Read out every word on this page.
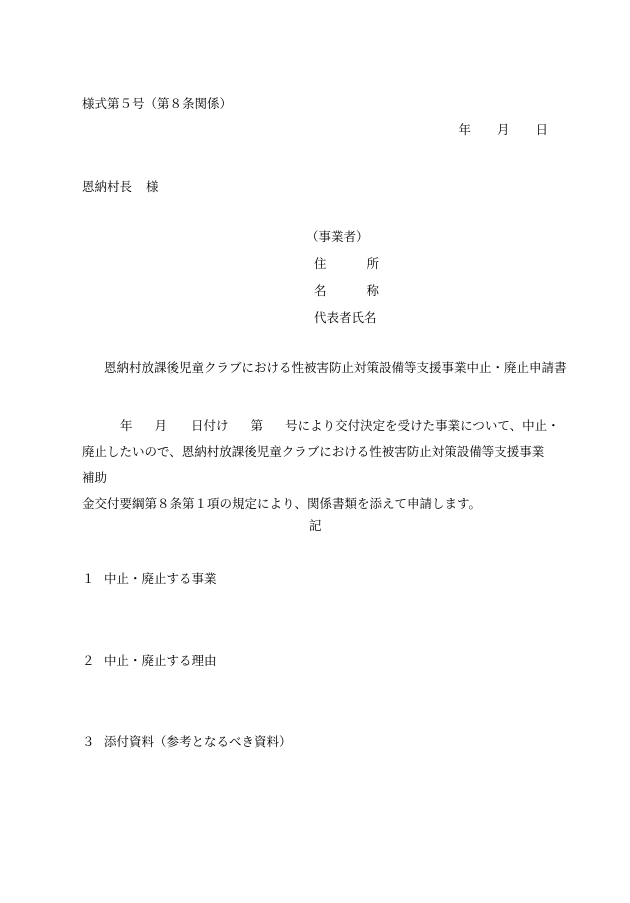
様式第５号（第８条関係）
年 月 日
恩納村長 様
（事業者）
住	所
名	称
代表者氏名
恩納村放課後児童クラブにおける性被害防止対策設備等支援事業中止・廃止申請書
年 月 日付け 第 号により交付決定を受けた事業について、中止・
廃止したいので、恩納村放課後児童クラブにおける性被害防止対策設備等支援事業補助
金交付要綱第８条第１項の規定により、関係書類を添えて申請します。
記
１ 中止・廃止する事業
２ 中止・廃止する理由
３ 添付資料（参考となるべき資料）
